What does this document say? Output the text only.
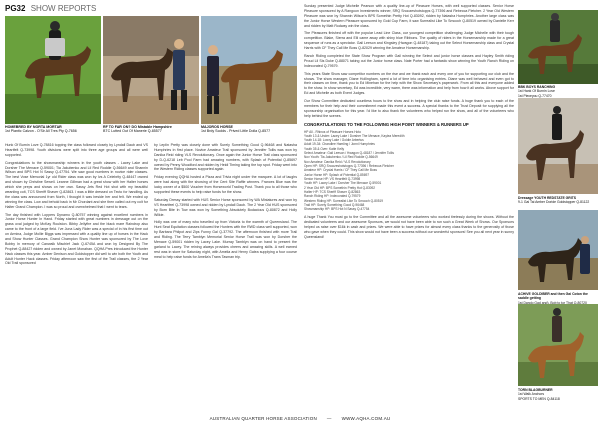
PG32 SHOW REPORTS
HOMEBRED BY NORTA MORTAR
1st Plantic Calzon - O'Sir All Tres Pty Q-7656
RF TO FAR ON? DO Mistable Hampshire
BTC Lutted Out Of Manerie Q-85577
MAJOROS HORSE
1st Brdy Scolds - Prived Little Dolla Q-8577

Hunk Of Burnin Love Q-78816 topping the class followed closely by Lyndall Daub and VS Heartfelt Q-73998. Youth divisions were split into three age groups and all were well supported.

Congratulations to the showmanship winners in the youth classes - Lacey Lake and Dorsher The Menace Q-59001; Tia Jakubenko and Lil Red Roddie Q-56649 and Shannin Wilson and BPS Hot N Sassy Q-47754. We saw good numbers in novice rider classes. The best Vose Memorial 1yr old Rider class was won by Ivs A Celebrity Q-48447 owned and shown by Christine Sewell. Leanne Gillman had a great show with her Halter horses which she preps and shows on her own. Sassy Jets Red Hot shot with my beautiful weanling colt, TCS Sheriff Shaver Q-82863. I was a little dressed on Tecto for handling. As the class was announced from North, I thought it was beside her and felt. We ended up winning the class. Low and behold back in Mr Chordant and she then called out my colt for Halter Grand Champion. I was so proud and overwhelmed that I went to tears.

The day finished with Loppers Dynamo Q-80757 winning against excellent numbers in Junior Horse Hunter In Hand. Friday started with great numbers in dressage out on the grass oval judged by McKay Roulston. Bibby Jellyfire and the black mare Raindrop also came to the front of a large field. I've Juna Lady Rider was a special of in his first time out on Armina, Judge Mollie Biggs was impressed with a quality line up of horses in the Hack and Show Hunter Classes. Grand Champion Show Hunter was sponsored by The Love Bobby In memory of Canwalk Mischief Jack Q-6745A and won by Designed By The Prophet Q-88427 ridden and owned by Janet Monahan. QQHA Pres introduced the Hunter Hack classes this year. Amber Denison and Goldstopper did well to win both the Youth and Adult Hunter Hack classes. Friday afternoon saw the first of the Trail classes, the 2 Year Old Trail sponsored

by Leplin Pretty was closely done with Surely Something Good Q-96468 and Natasha Humphries in first place. Novice Amateur Trail sponsored by Jennifer Tollis was won by Danika Reid riding VLS Revolutionary. Once again the Junior Horse Trail class sponsored by D-Q-6218 Leb Pool Farm had amazing numbers, with Splash of Potential Q-85697 owned by Penny Woodford and ridden by Heidi Timing taking the top spot. Friday went into the Western Riding classes supported again.

Friday evening QQHA hosted a Pizza and Trivia night under the marquee. A lot of laughs were had along with the showing of the Cent Site Raffle winners. Frances Blue was the lucky owner of a $500 Voucher from Horseworld Trading Post. Thank you to all those who supported these events to help raise funds for the show.

Saturday Dressy started with HUS Senior Horse sponsored by WA Miniatures and won by VS Heartfeel Q-73998 owned and ridden by Lyndall Daub. The 2 Year Old HUS sponsored by Born Bite In Tow was won by Something Absolutely Bodacious Q-80872 and Holly Wilkie.

Holly was one of many who travelled up from Victoria to the warmth of Queensland. The Hunt Seat Equitation classes followed the Hunters with the RWD class well supported, won by Barbara Philpot and Zips Funny Gal Q-37792. The afternoon finished with more Trail and Riding. The Terry Tamblyn Memorial Senior Horse Trail was won by Dorsher the Menace Q-59001 ridden by Lacey Lake. Murray Tamblyn was on hand to present the garland to Lacey. The reining always provides cheers and amazing skills. A well earned rest was in store for Saturday night, with Amelia and Henry Galea supplying a four course meal to help raise funds for Amelia's Trans Tasman trip.

Sunday presented Judge Michelle Pearson with a quality line-up of Pleasure Horses, with well supported classes. Senior Horse Pleasure sponsored by A Rangoon Investments winner, SRQ Snoozeshotstopps Q-77396 and Rebecca Fletcher. 2 Year Old Western Pleasure was won by Shannin Wilson's BPS Somethin Pretty Hot Q-83092, ridden by Natasha Humphries. Another large class was the Junior Horse Western Pleasure sponsored by Gold Cup Farm, it saw Surrealist Like To Smooch Q-80519 owned by Danielle Kerr and ridden by Matt Rodway win the class.

The Pleasures finished off with the popular Lead Line Class, our youngest competition challenging Judge Michelle with their tough competition. Blake, Sierra and Elli came away with shiny blue Ribbons. The quality of riders in the Horsemanship made for a great sequence of runs as a spectator. Gail Leeson and Kingsley (Hwagon Q-48187) taking out the Select Horsemanship class and Crystal Harris with CF They Call Me Boss Q-82029 winning the Amateur Horsemanship.

Ranch Riding completed the State Show Program with Gail winning the Select and junior horse classes and Hayley Smith riding Proud Lil Sis Duke Q-88071 taking out the Junior horse class. Nate Porter had a fantastic show winning the Youth Ranch Riding on Indecorated Q-79579.

This years State Show saw competitor numbers on the rise and we thank each and every one of you for supporting our club and the shows. The show manager, Diane Hollingham, spent a lot of time into organising entries. Diane was well behaved and even got to their classes on time, thank you to Ed Minehan for the help with the Show Secretary's paperwork. From all this and everyone added to the show. In show secretary, Ed was incredible, very warm, there was information and help from how it all works. Above support for Ed and Michelle as both Event Judges.

Our Show Committee dedicated countless hours to the show and in helping the club raise funds. A huge thank you to each of the members for their help and their commitment made this event a success. A special thanks to the Trust Deposit for supplying all the sponsorship organisation for this year. I'd like to also thank the volunteers who helped run the show, and all of the volunteers who help behind the scenes.

CONGRATULATIONS TO THE FOLLOWING HIGH POINT WINNERS & RUNNERS UP
HP All - Rhinos of Pleasure Horses Hoto
Youth 13 & Under: Lacey Lake / Dorsher The Menace, Kaylea Meredith
Youth 14-18: Lowry Lake / Goldie Arbertus
Adult 19-34: Chandlee Hamling / Jonni Humphries
Youth 35 & Over: Katie Kelly
Select Amateur: Gail Leeson / Hwagon Q-48187 / Jennifer Tollis
Nov Youth: Tia Jakubenko / Lil Red Roddie Q-56649
Nov Amateur: Danika Reid / VLS Revolutionary
Open HP: SRQ Snoozeshotstopps Q-77396 / Rebecca Fletcher
Amateur HP: Crystal Harris / CF They Call Me Boss
Junior Horse HP: Splash of Potential Q-85697
Senior Horse HP: VS Heartfelt Q-73998
Youth HP: Lacey Lake / Dorsher The Menace Q-59001
2 Year Old HP: BPS Somethin Pretty Hot Q-83092
Halter HP: TCS Sheriff Shaver Q-82863
Ranch Riding HP: Indecorated Q-79579
Western Riding HP: Surrealist Like To Smooch Q-80519
Trail HP: Surely Something Good Q-96468
Showmanship HP: BPS Hot N Sassy Q-47754

A huge Thank You must go to the Committee and all the awesome volunteers who worked tirelessly during the shows. Without the dedicated volunteers and our awesome Sponsors, we would not have been able to run such a Great Week of Shows. Our Sponsors helped us raise over $16k in cash and prizes. We were able to have prizes for almost every class thanks to the generosity of those who gave when they could. This show would not have been a success without our wonderful sponsors! See you all next year in sunny Queensland!

BBK BOYS RANCHING
1st Hank Of Burnin Love
1st Pieceyou Q-77470
Dressage YOUTH REDSTATE GRITS
9-1 Gai Tai Amber Doride Goldstopper Q-81122
ACHIVE GOLDIBER and then Gai Coton the saddle getting
1st Dando Gad and), Bob to tor That Q-80720
TORN BLAGBURNER
1st Walk Anchors
SPORTS TO MEN Q-84118
AUSTRALIAN QUARTER HORSE ASSOCIATION — WWW.AQHA.COM.AU
